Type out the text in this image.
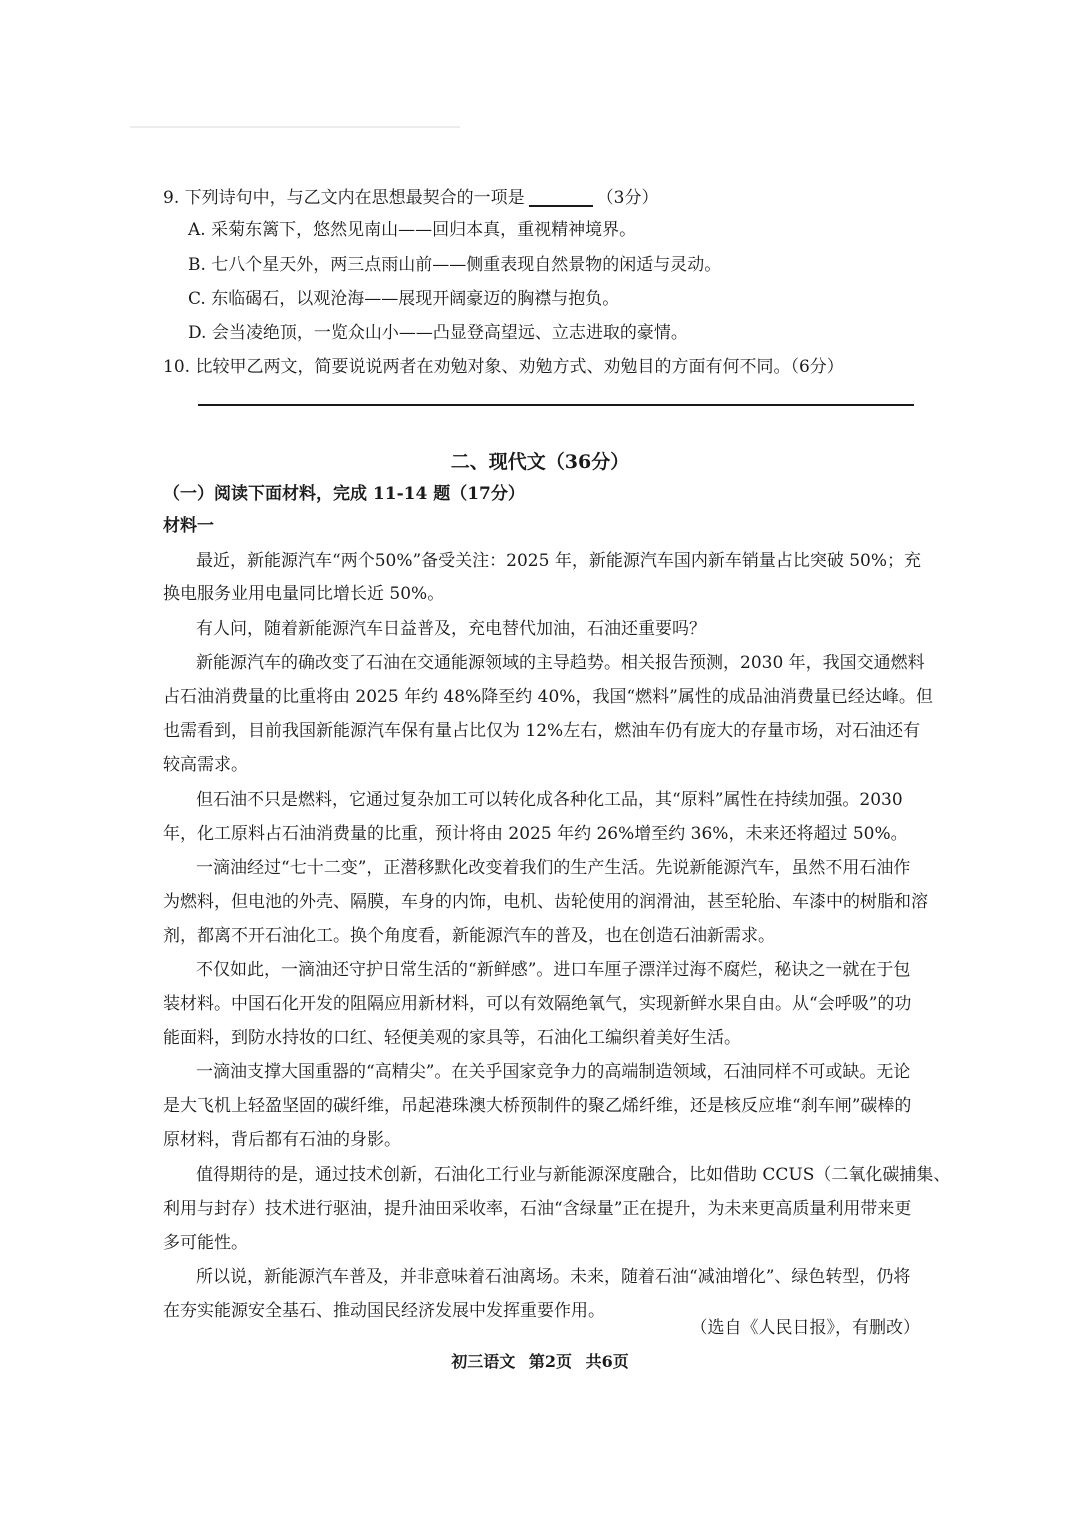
9. 下列诗句中，与乙文内在思想最契合的一项是	（3分）
A. 采菊东篱下，悠然见南山——回归本真，重视精神境界。
B. 七八个星天外，两三点雨山前——侧重表现自然景物的闲适与灵动。
C. 东临碣石，以观沧海——展现开阔豪迈的胸襟与抱负。
D. 会当凌绝顶，一览众山小——凸显登高望远、立志进取的豪情。
10. 比较甲乙两文，简要说说两者在劝勉对象、劝勉方式、劝勉目的方面有何不同。（6分）
二、现代文（36分）
（一）阅读下面材料，完成 11-14 题（17分）
材料一
最近，新能源汽车“两个50%”备受关注：2025 年，新能源汽车国内新车销量占比突破 50%；充
换电服务业用电量同比增长近 50%。
有人问，随着新能源汽车日益普及，充电替代加油，石油还重要吗？
新能源汽车的确改变了石油在交通能源领域的主导趋势。相关报告预测，2030 年，我国交通燃料
占石油消费量的比重将由 2025 年约 48%降至约 40%，我国“燃料”属性的成品油消费量已经达峰。但
也需看到，目前我国新能源汽车保有量占比仅为 12%左右，燃油车仍有庞大的存量市场，对石油还有
较高需求。
但石油不只是燃料，它通过复杂加工可以转化成各种化工品，其“原料”属性在持续加强。2030
年，化工原料占石油消费量的比重，预计将由 2025 年约 26%增至约 36%，未来还将超过 50%。
一滴油经过“七十二变”，正潜移默化改变着我们的生产生活。先说新能源汽车，虽然不用石油作
为燃料，但电池的外壳、隔膜，车身的内饰，电机、齿轮使用的润滑油，甚至轮胎、车漆中的树脂和溶
剂，都离不开石油化工。换个角度看，新能源汽车的普及，也在创造石油新需求。
不仅如此，一滴油还守护日常生活的“新鲜感”。进口车厘子漂洋过海不腐烂，秘诀之一就在于包
装材料。中国石化开发的阻隔应用新材料，可以有效隔绝氧气，实现新鲜水果自由。从“会呼吸”的功
能面料，到防水持妆的口红、轻便美观的家具等，石油化工编织着美好生活。
一滴油支撑大国重器的“高精尖”。在关乎国家竞争力的高端制造领域，石油同样不可或缺。无论
是大飞机上轻盈坚固的碳纤维，吊起港珠澳大桥预制件的聚乙烯纤维，还是核反应堆“刹车闸”碳棒的
原材料，背后都有石油的身影。
值得期待的是，通过技术创新，石油化工行业与新能源深度融合，比如借助 CCUS（二氧化碳捕集、
利用与封存）技术进行驱油，提升油田采收率，石油“含绿量”正在提升，为未来更高质量利用带来更
多可能性。
所以说，新能源汽车普及，并非意味着石油离场。未来，随着石油“减油增化”、绿色转型，仍将
在夯实能源安全基石、推动国民经济发展中发挥重要作用。
（选自《人民日报》，有删改）
初三语文 第2页 共6页
